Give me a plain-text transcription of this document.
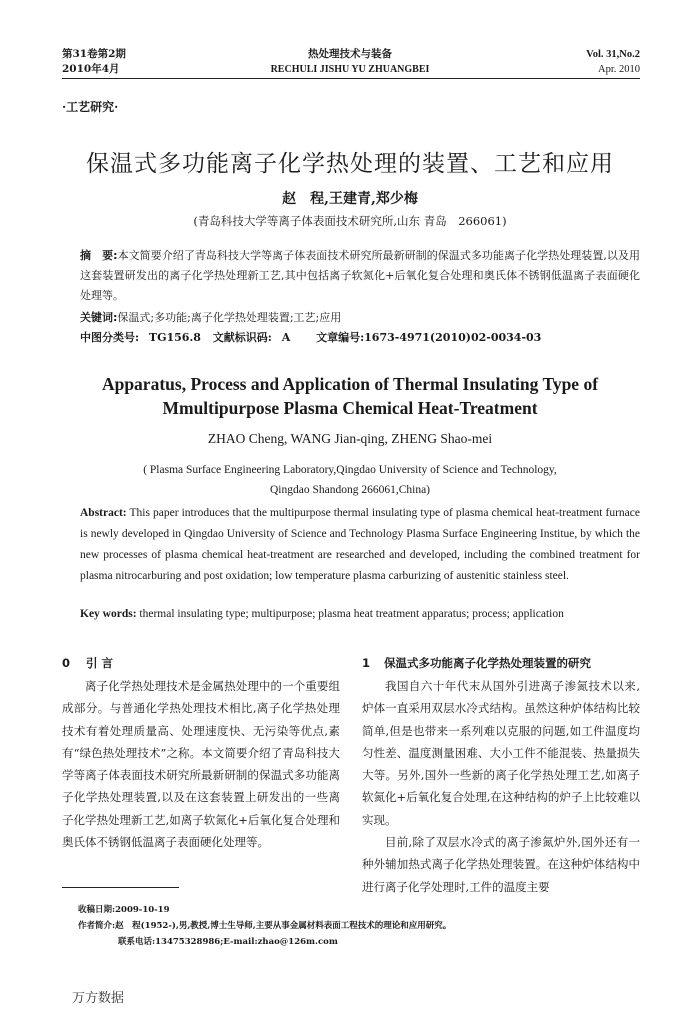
第31卷第2期
2010年4月
热处理技术与装备
RECHULI JISHU YU ZHUANGBEI
Vol. 31,No.2
Apr. 2010
·工艺研究·
保温式多功能离子化学热处理的装置、工艺和应用
赵　程,王建青,郑少梅
(青岛科技大学等离子体表面技术研究所,山东 青岛　266061)
摘　要:本文简要介绍了青岛科技大学等离子体表面技术研究所最新研制的保温式多功能离子化学热处理装置,以及用这套装置研发出的离子化学热处理新工艺,其中包括离子软氮化+后氧化复合处理和奥氏体不锈钢低温离子表面硬化处理等。
关键词:保温式;多功能;离子化学热处理装置;工艺;应用
中图分类号: TG156.8 文献标识码: A 文章编号:1673-4971(2010)02-0034-03
Apparatus, Process and Application of Thermal Insulating Type of
Mmultipurpose Plasma Chemical Heat-Treatment
ZHAO Cheng, WANG Jian-qing, ZHENG Shao-mei
( Plasma Surface Engineering Laboratory,Qingdao University of Science and Technology,
Qingdao Shandong 266061,China)
Abstract: This paper introduces that the multipurpose thermal insulating type of plasma chemical heat-treatment furnace is newly developed in Qingdao University of Science and Technology Plasma Surface Engineering Institue, by which the new processes of plasma chemical heat-treatment are researched and developed, including the combined treatment for plasma nitrocarburing and post oxidation; low temperature plasma carburizing of austenitic stainless steel.
Key words: thermal insulating type; multipurpose; plasma heat treatment apparatus; process; application
0 引 言

离子化学热处理技术是金属热处理中的一个重要组成部分。与普通化学热处理技术相比,离子化学热处理技术有着处理质量高、处理速度快、无污染等优点,素有“绿色热处理技术”之称。本文简要介绍了青岛科技大学等离子体表面技术研究所最新研制的保温式多功能离子化学热处理装置,以及在这套装置上研发出的一些离子化学热处理新工艺,如离子软氮化+后氧化复合处理和奥氏体不锈钢低温离子表面硬化处理等。

1 保温式多功能离子化学热处理装置的研究

我国自六十年代末从国外引进离子渗氮技术以来,炉体一直采用双层水冷式结构。虽然这种炉体结构比较简单,但是也带来一系列难以克服的问题,如工件温度均匀性差、温度测量困难、大小工件不能混装、热量损失大等。另外,国外一些新的离子化学热处理工艺,如离子软氮化+后氧化复合处理,在这种结构的炉子上比较难以实现。

目前,除了双层水冷式的离子渗氮炉外,国外还有一种外辅加热式离子化学热处理装置。在这种炉体结构中进行离子化学处理时,工件的温度主要

收稿日期:2009-10-19
作者简介:赵　程(1952-),男,教授,博士生导师,主要从事金属材料表面工程技术的理论和应用研究。
联系电话:13475328986;E-mail:zhao@126m.com
万方数据
